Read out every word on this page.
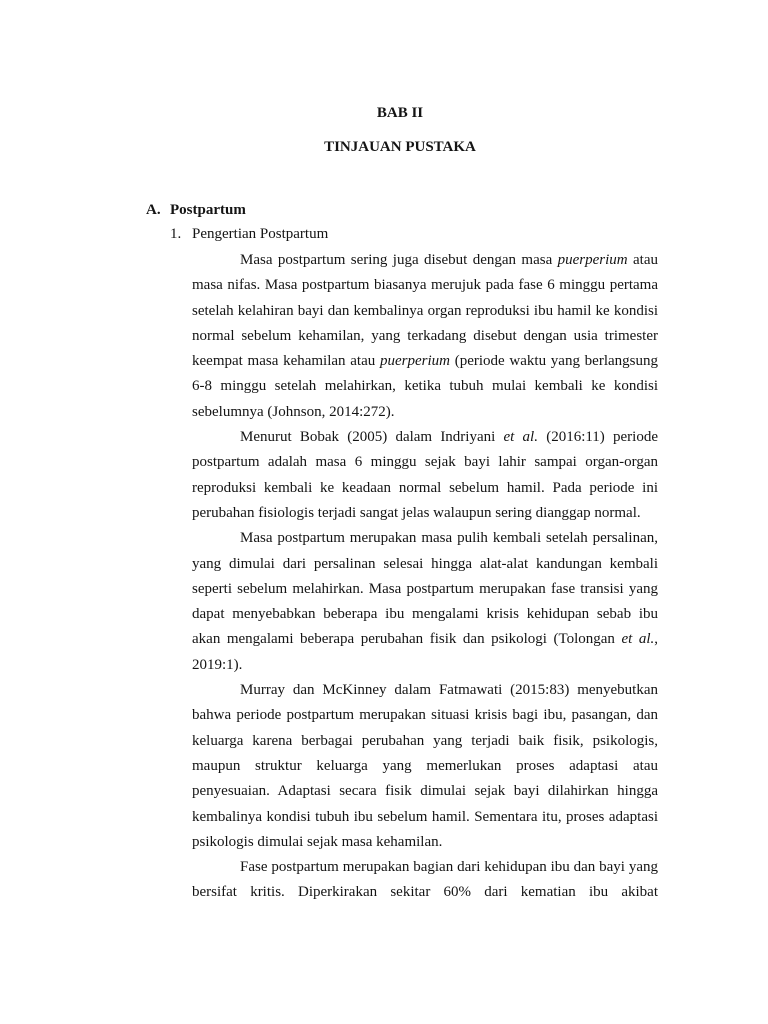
BAB II
TINJAUAN PUSTAKA
A. Postpartum
1. Pengertian Postpartum

Masa postpartum sering juga disebut dengan masa puerperium atau masa nifas. Masa postpartum biasanya merujuk pada fase 6 minggu pertama setelah kelahiran bayi dan kembalinya organ reproduksi ibu hamil ke kondisi normal sebelum kehamilan, yang terkadang disebut dengan usia trimester keempat masa kehamilan atau puerperium (periode waktu yang berlangsung 6-8 minggu setelah melahirkan, ketika tubuh mulai kembali ke kondisi sebelumnya (Johnson, 2014:272).

Menurut Bobak (2005) dalam Indriyani et al. (2016:11) periode postpartum adalah masa 6 minggu sejak bayi lahir sampai organ-organ reproduksi kembali ke keadaan normal sebelum hamil. Pada periode ini perubahan fisiologis terjadi sangat jelas walaupun sering dianggap normal.

Masa postpartum merupakan masa pulih kembali setelah persalinan, yang dimulai dari persalinan selesai hingga alat-alat kandungan kembali seperti sebelum melahirkan. Masa postpartum merupakan fase transisi yang dapat menyebabkan beberapa ibu mengalami krisis kehidupan sebab ibu akan mengalami beberapa perubahan fisik dan psikologi (Tolongan et al., 2019:1).

Murray dan McKinney dalam Fatmawati (2015:83) menyebutkan bahwa periode postpartum merupakan situasi krisis bagi ibu, pasangan, dan keluarga karena berbagai perubahan yang terjadi baik fisik, psikologis, maupun struktur keluarga yang memerlukan proses adaptasi atau penyesuaian. Adaptasi secara fisik dimulai sejak bayi dilahirkan hingga kembalinya kondisi tubuh ibu sebelum hamil. Sementara itu, proses adaptasi psikologis dimulai sejak masa kehamilan.

Fase postpartum merupakan bagian dari kehidupan ibu dan bayi yang bersifat kritis. Diperkirakan sekitar 60% dari kematian ibu akibat
